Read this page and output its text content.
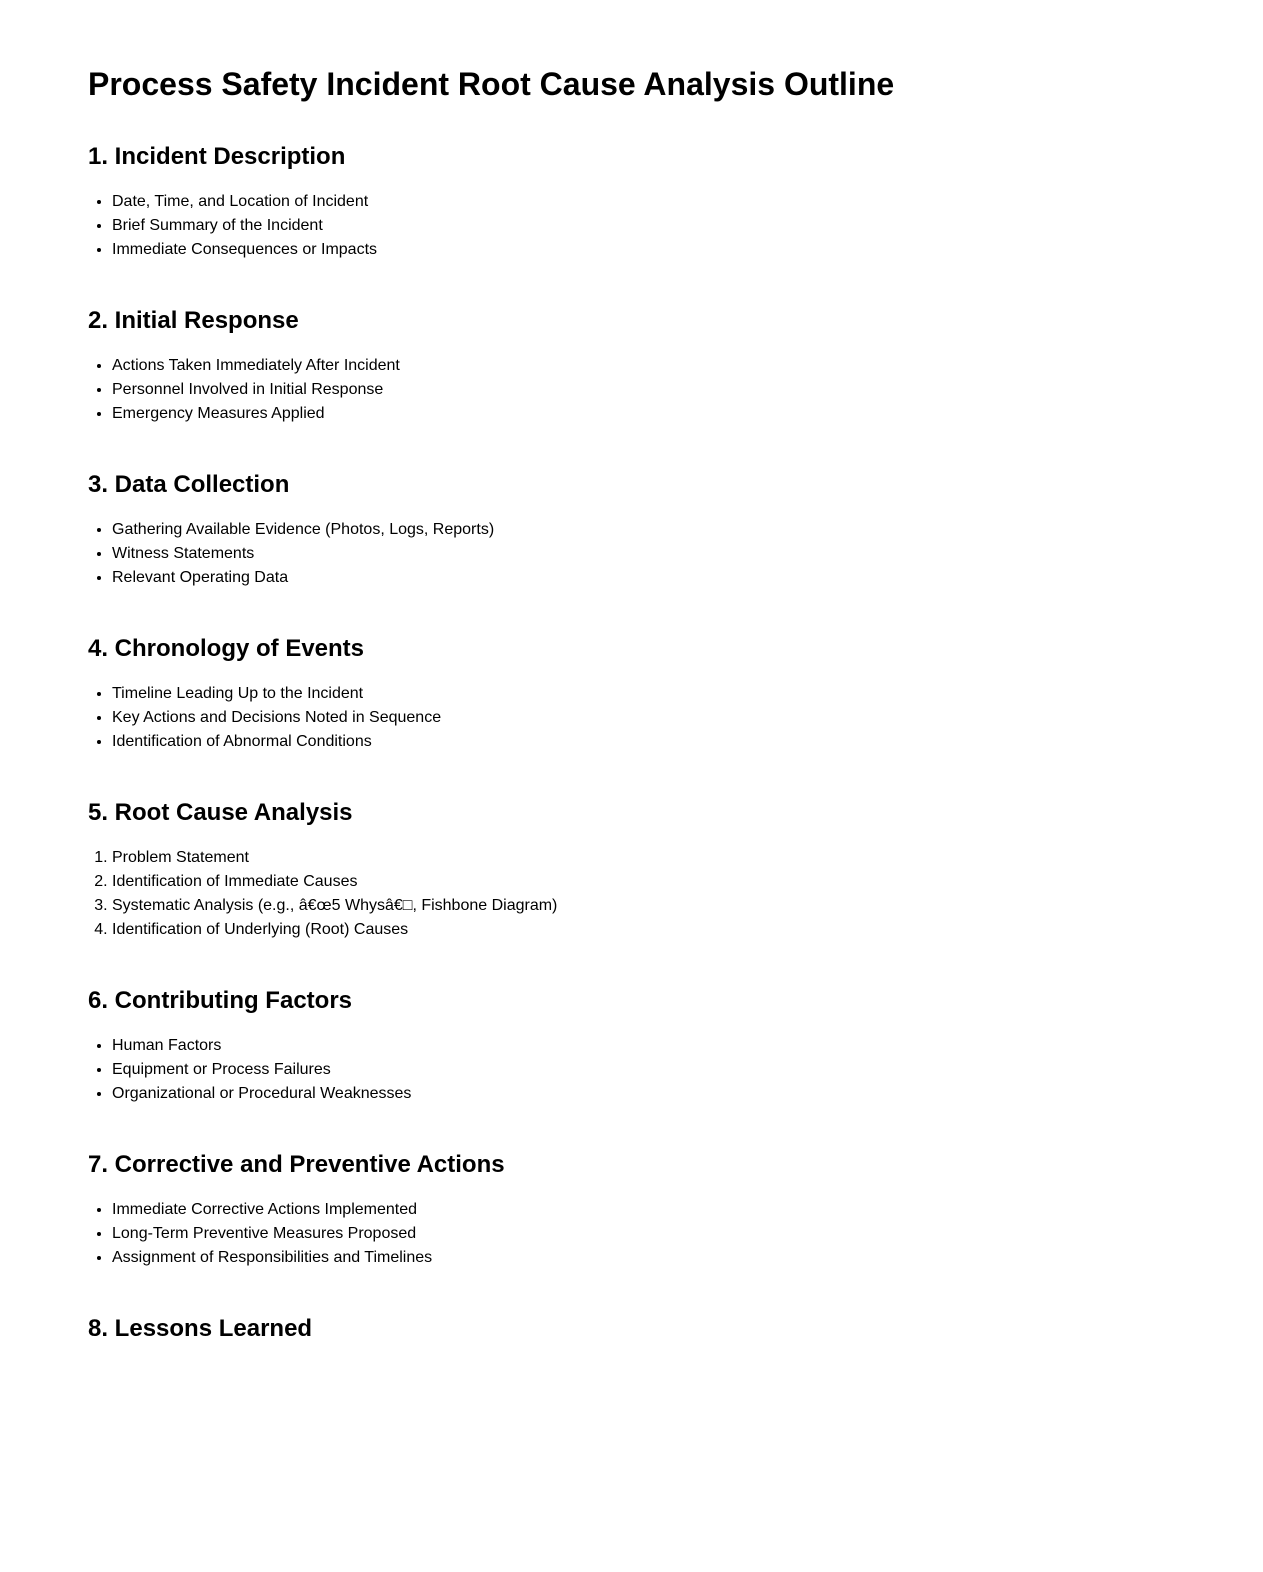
Process Safety Incident Root Cause Analysis Outline
1. Incident Description
• Date, Time, and Location of Incident
• Brief Summary of the Incident
• Immediate Consequences or Impacts
2. Initial Response
• Actions Taken Immediately After Incident
• Personnel Involved in Initial Response
• Emergency Measures Applied
3. Data Collection
• Gathering Available Evidence (Photos, Logs, Reports)
• Witness Statements
• Relevant Operating Data
4. Chronology of Events
• Timeline Leading Up to the Incident
• Key Actions and Decisions Noted in Sequence
• Identification of Abnormal Conditions
5. Root Cause Analysis
1. Problem Statement
2. Identification of Immediate Causes
3. Systematic Analysis (e.g., â€œ5 Whysâ€□, Fishbone Diagram)
4. Identification of Underlying (Root) Causes
6. Contributing Factors
• Human Factors
• Equipment or Process Failures
• Organizational or Procedural Weaknesses
7. Corrective and Preventive Actions
• Immediate Corrective Actions Implemented
• Long-Term Preventive Measures Proposed
• Assignment of Responsibilities and Timelines
8. Lessons Learned
